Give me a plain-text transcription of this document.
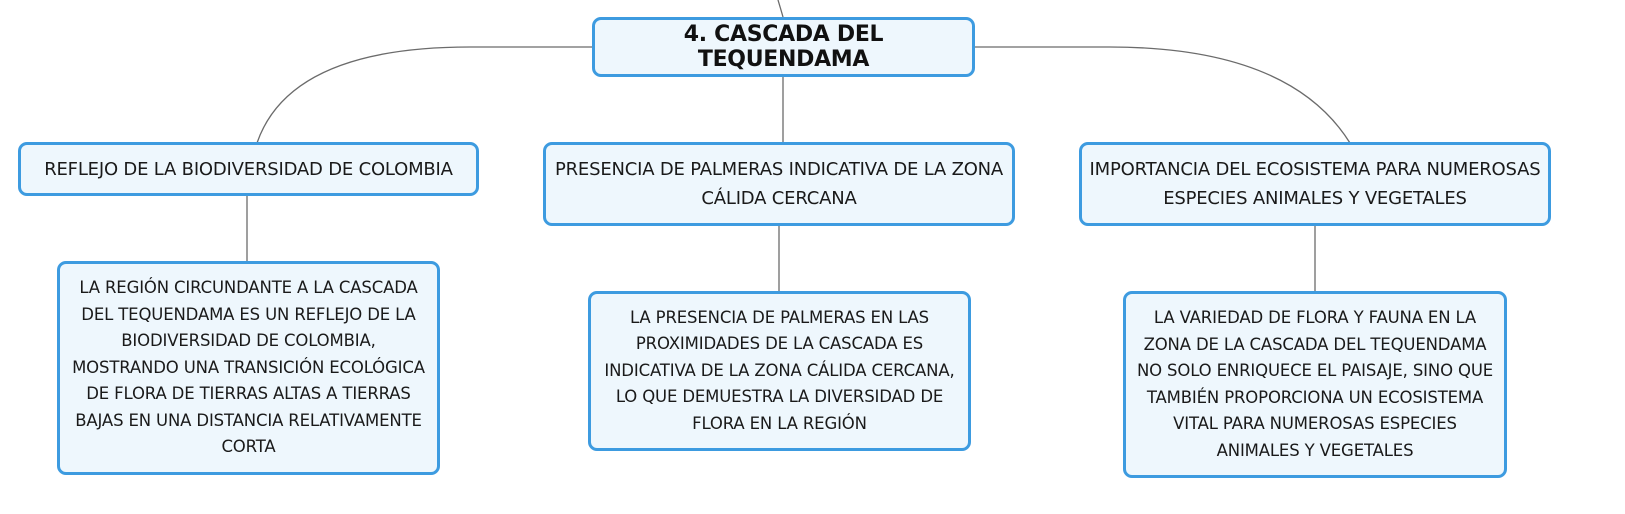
4. CASCADA DEL TEQUENDAMA
REFLEJO DE LA BIODIVERSIDAD DE COLOMBIA	PRESENCIA DE PALMERAS INDICATIVA DE LA ZONA CÁLIDA CERCANA
IMPORTANCIA DEL ECOSISTEMA PARA NUMEROSAS ESPECIES ANIMALES Y VEGETALES
LA REGIÓN CIRCUNDANTE A LA CASCADA DEL TEQUENDAMA ES UN REFLEJO DE LA BIODIVERSIDAD DE COLOMBIA, MOSTRANDO UNA TRANSICIÓN ECOLÓGICA DE FLORA DE TIERRAS ALTAS A TIERRAS BAJAS EN UNA DISTANCIA RELATIVAMENTE CORTA
LA PRESENCIA DE PALMERAS EN LAS PROXIMIDADES DE LA CASCADA ES INDICATIVA DE LA ZONA CÁLIDA CERCANA, LO QUE DEMUESTRA LA DIVERSIDAD DE FLORA EN LA REGIÓN
LA VARIEDAD DE FLORA Y FAUNA EN LA ZONA DE LA CASCADA DEL TEQUENDAMA NO SOLO ENRIQUECE EL PAISAJE, SINO QUE TAMBIÉN PROPORCIONA UN ECOSISTEMA VITAL PARA NUMEROSAS ESPECIES ANIMALES Y VEGETALES
